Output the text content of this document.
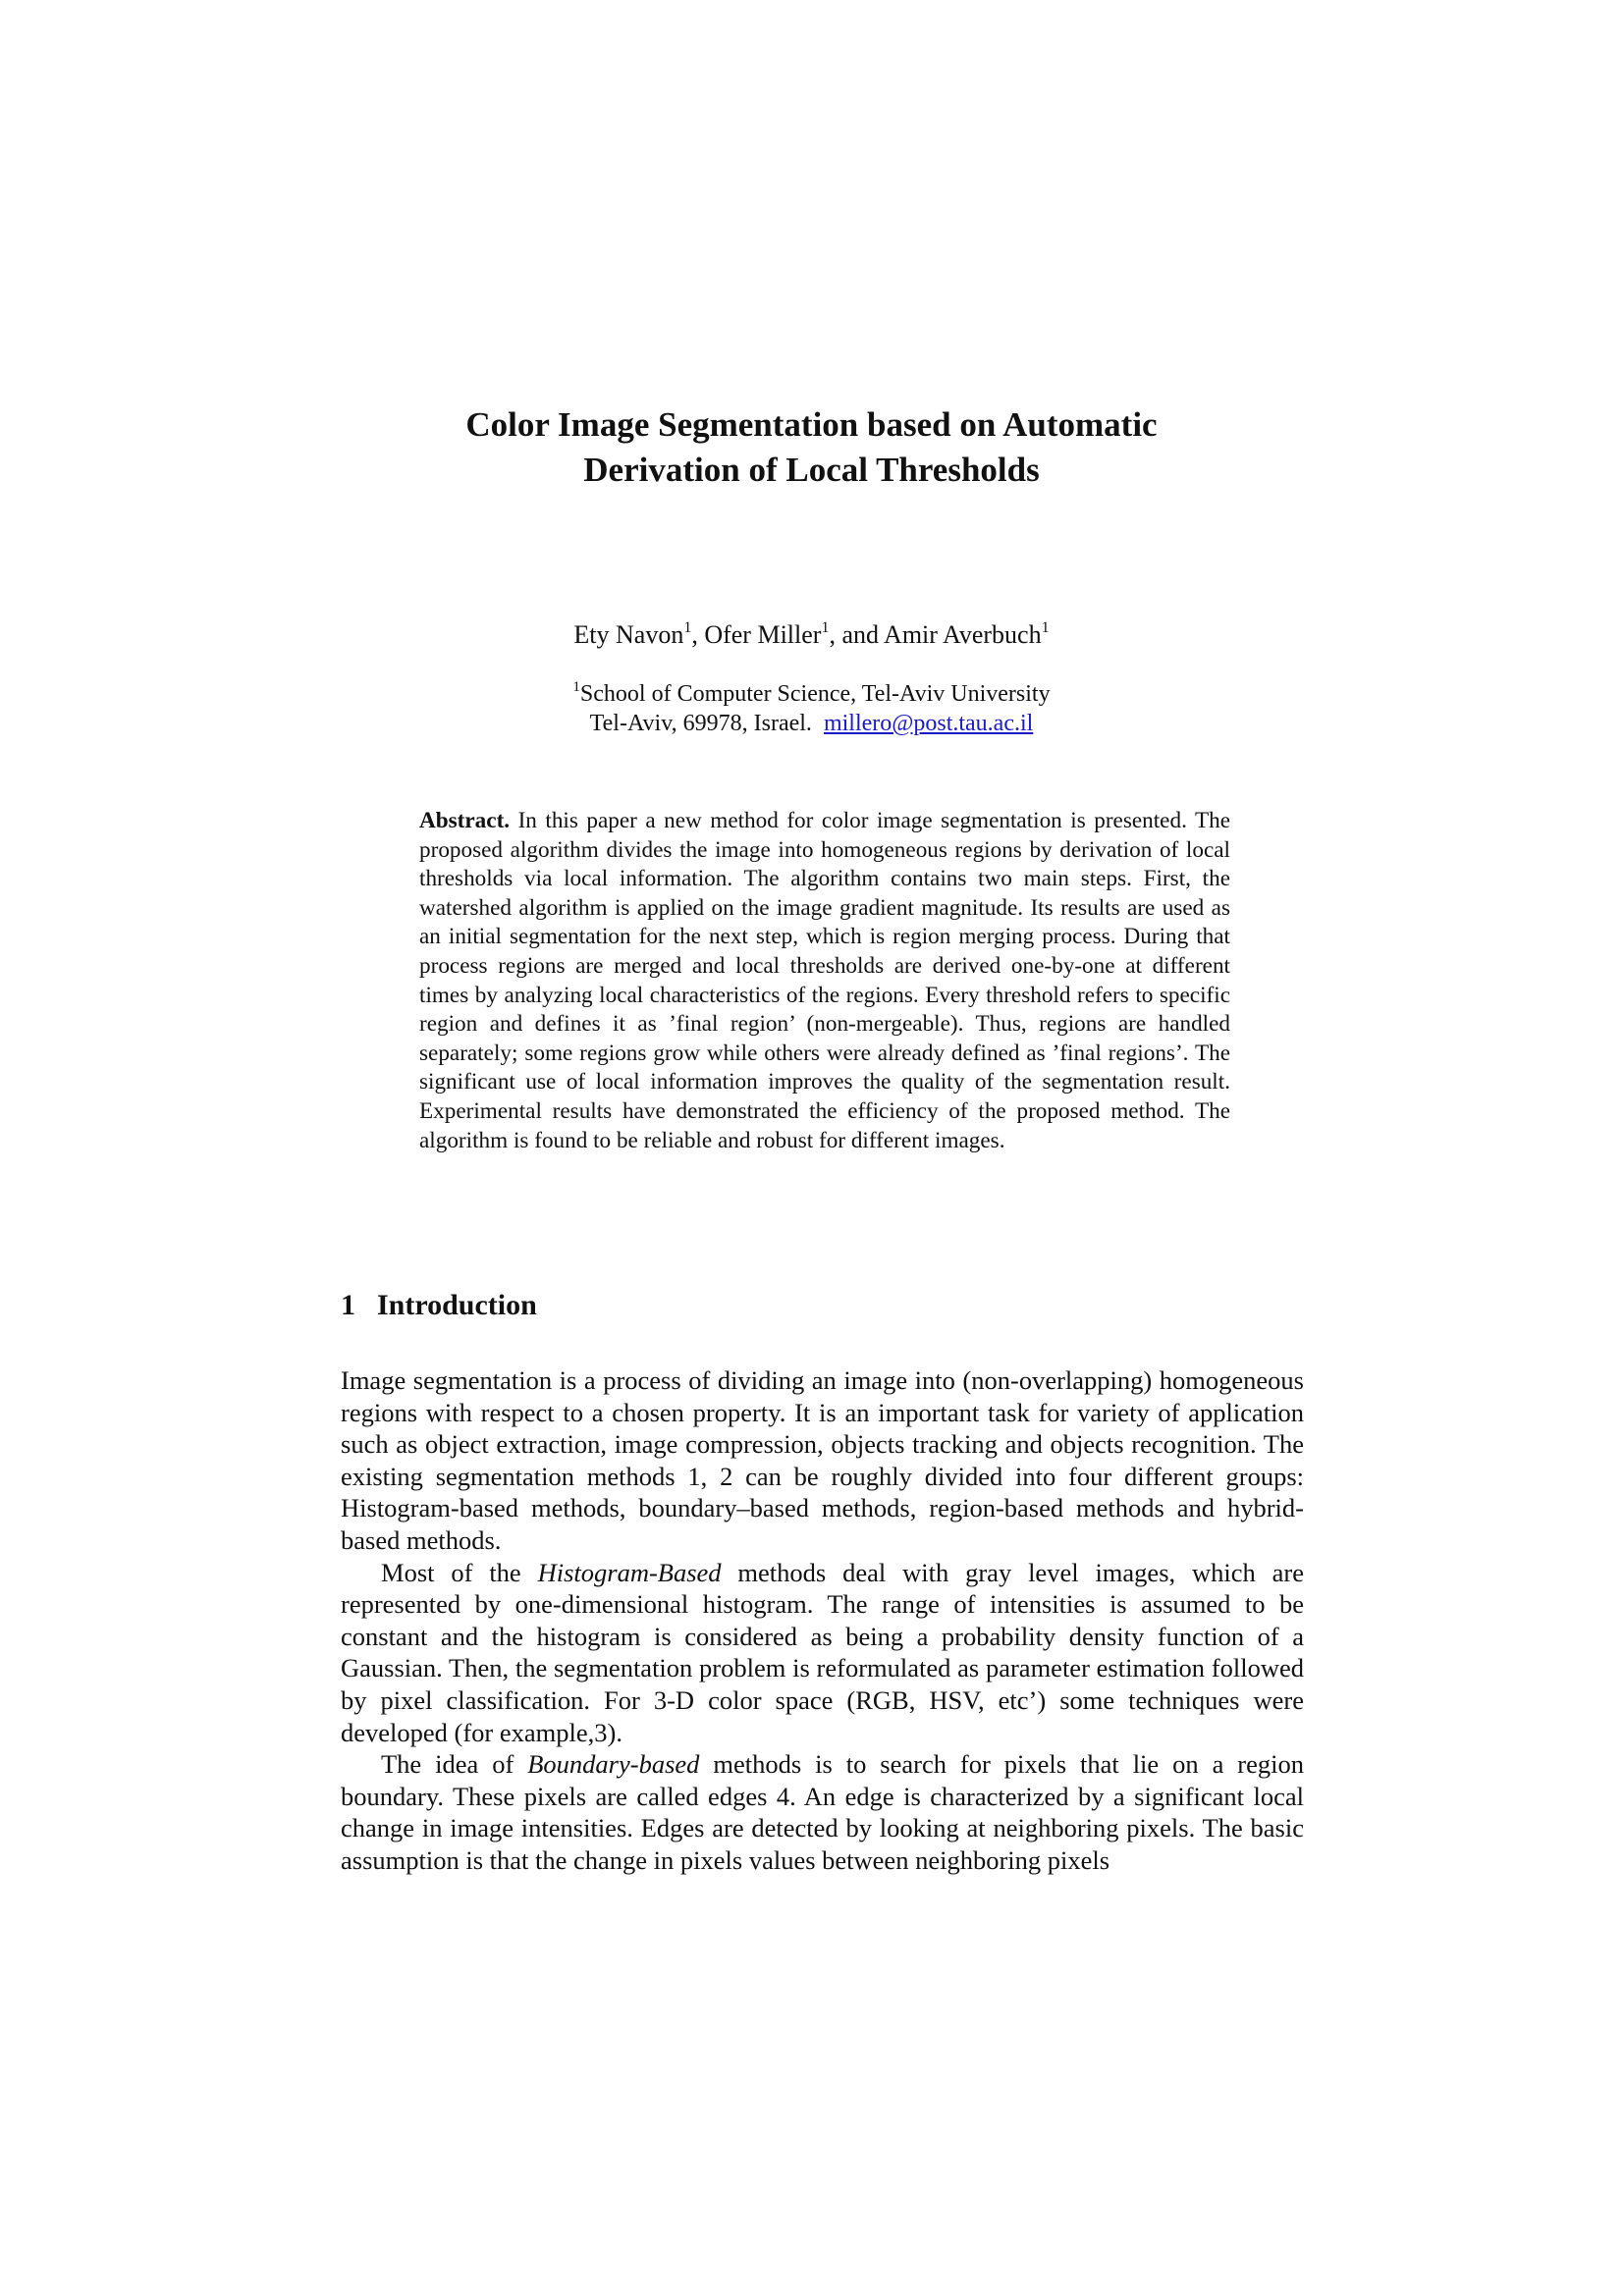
Color Image Segmentation based on Automatic
Derivation of Local Thresholds
Ety Navon$^1$, Ofer Miller$^1$, and Amir Averbuch$^1$
$^1$School of Computer Science, Tel-Aviv University
Tel-Aviv, 69978, Israel. millero@post.tau.ac.il

Abstract. In this paper a new method for color image segmentation is presented. The proposed algorithm divides the image into homogeneous regions by derivation of local thresholds via local information. The algorithm contains two main steps. First, the watershed algorithm is applied on the image gradient magnitude. Its results are used as an initial segmentation for the next step, which is region merging process. During that process regions are merged and local thresholds are derived one-by-one at different times by analyzing local characteristics of the regions. Every threshold refers to specific region and defines it as ’final region’ (non-mergeable). Thus, regions are handled separately; some regions grow while others were already defined as ’final regions’. The significant use of local information improves the quality of the segmentation result. Experimental results have demonstrated the efficiency of the proposed method. The algorithm is found to be reliable and robust for different images.

1 Introduction

Image segmentation is a process of dividing an image into (non-overlapping) homogeneous regions with respect to a chosen property. It is an important task for variety of application such as object extraction, image compression, objects tracking and objects recognition. The existing segmentation methods 1, 2 can be roughly divided into four different groups: Histogram-based methods, boundary–based methods, region-based methods and hybrid-based methods.

Most of the Histogram-Based methods deal with gray level images, which are represented by one-dimensional histogram. The range of intensities is assumed to be constant and the histogram is considered as being a probability density function of a Gaussian. Then, the segmentation problem is reformulated as parameter estimation followed by pixel classification. For 3-D color space (RGB, HSV, etc’) some techniques were developed (for example,3).

The idea of Boundary-based methods is to search for pixels that lie on a region boundary. These pixels are called edges 4. An edge is characterized by a significant local change in image intensities. Edges are detected by looking at neighboring pixels. The basic assumption is that the change in pixels values between neighboring pixels
